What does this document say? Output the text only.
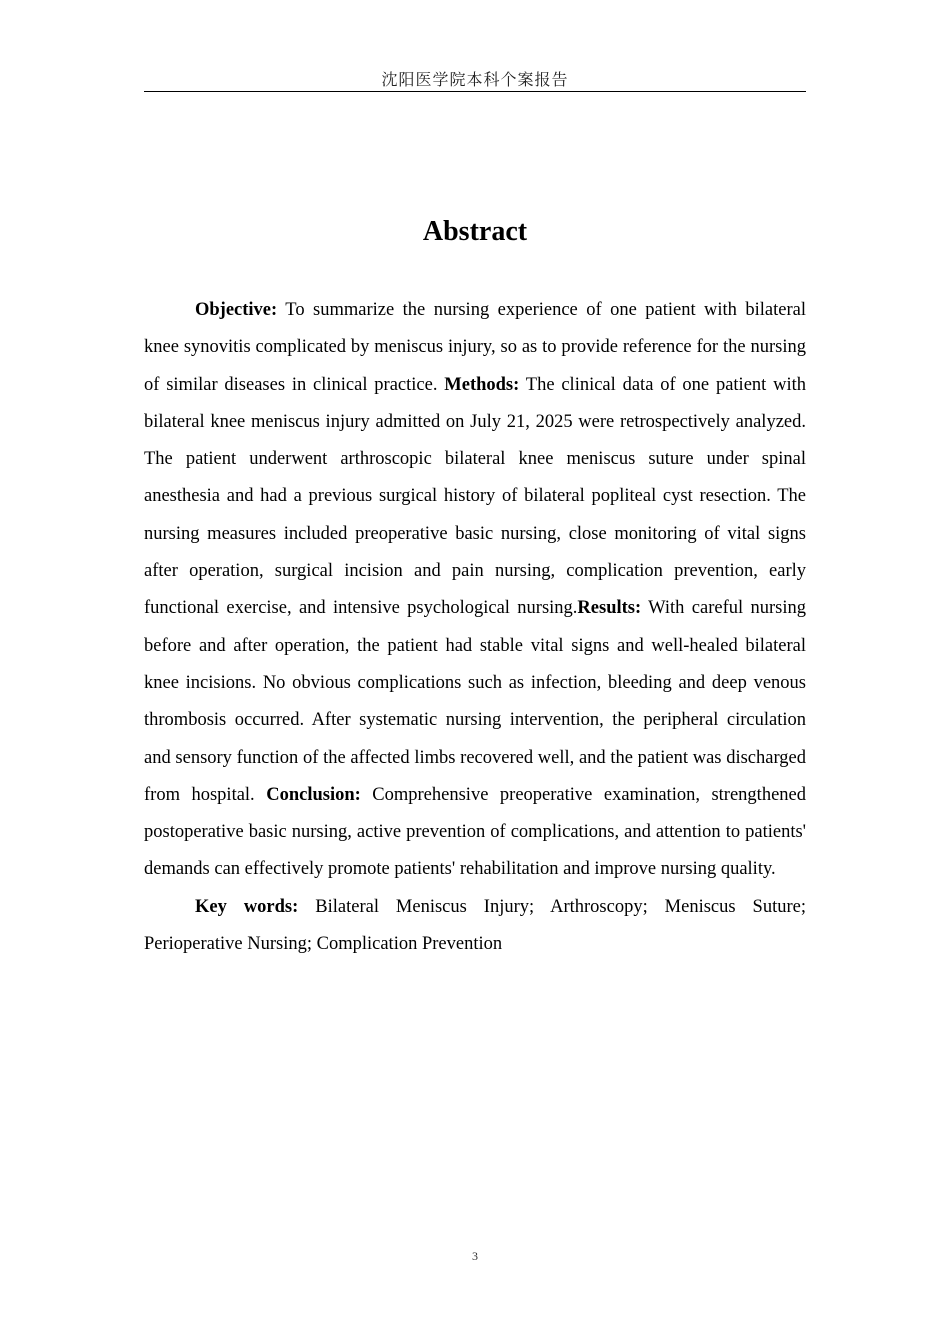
沈阳医学院本科个案报告
Abstract

Objective: To summarize the nursing experience of one patient with bilateral knee synovitis complicated by meniscus injury, so as to provide reference for the nursing of similar diseases in clinical practice. Methods: The clinical data of one patient with bilateral knee meniscus injury admitted on July 21, 2025 were retrospectively analyzed. The patient underwent arthroscopic bilateral knee meniscus suture under spinal anesthesia and had a previous surgical history of bilateral popliteal cyst resection. The nursing measures included preoperative basic nursing, close monitoring of vital signs after operation, surgical incision and pain nursing, complication prevention, early functional exercise, and intensive psychological nursing.Results: With careful nursing before and after operation, the patient had stable vital signs and well-healed bilateral knee incisions. No obvious complications such as infection, bleeding and deep venous thrombosis occurred. After systematic nursing intervention, the peripheral circulation and sensory function of the affected limbs recovered well, and the patient was discharged from hospital. Conclusion: Comprehensive preoperative examination, strengthened postoperative basic nursing, active prevention of complications, and attention to patients' demands can effectively promote patients' rehabilitation and improve nursing quality.

Key words: Bilateral Meniscus Injury; Arthroscopy; Meniscus Suture; Perioperative Nursing; Complication Prevention

3
